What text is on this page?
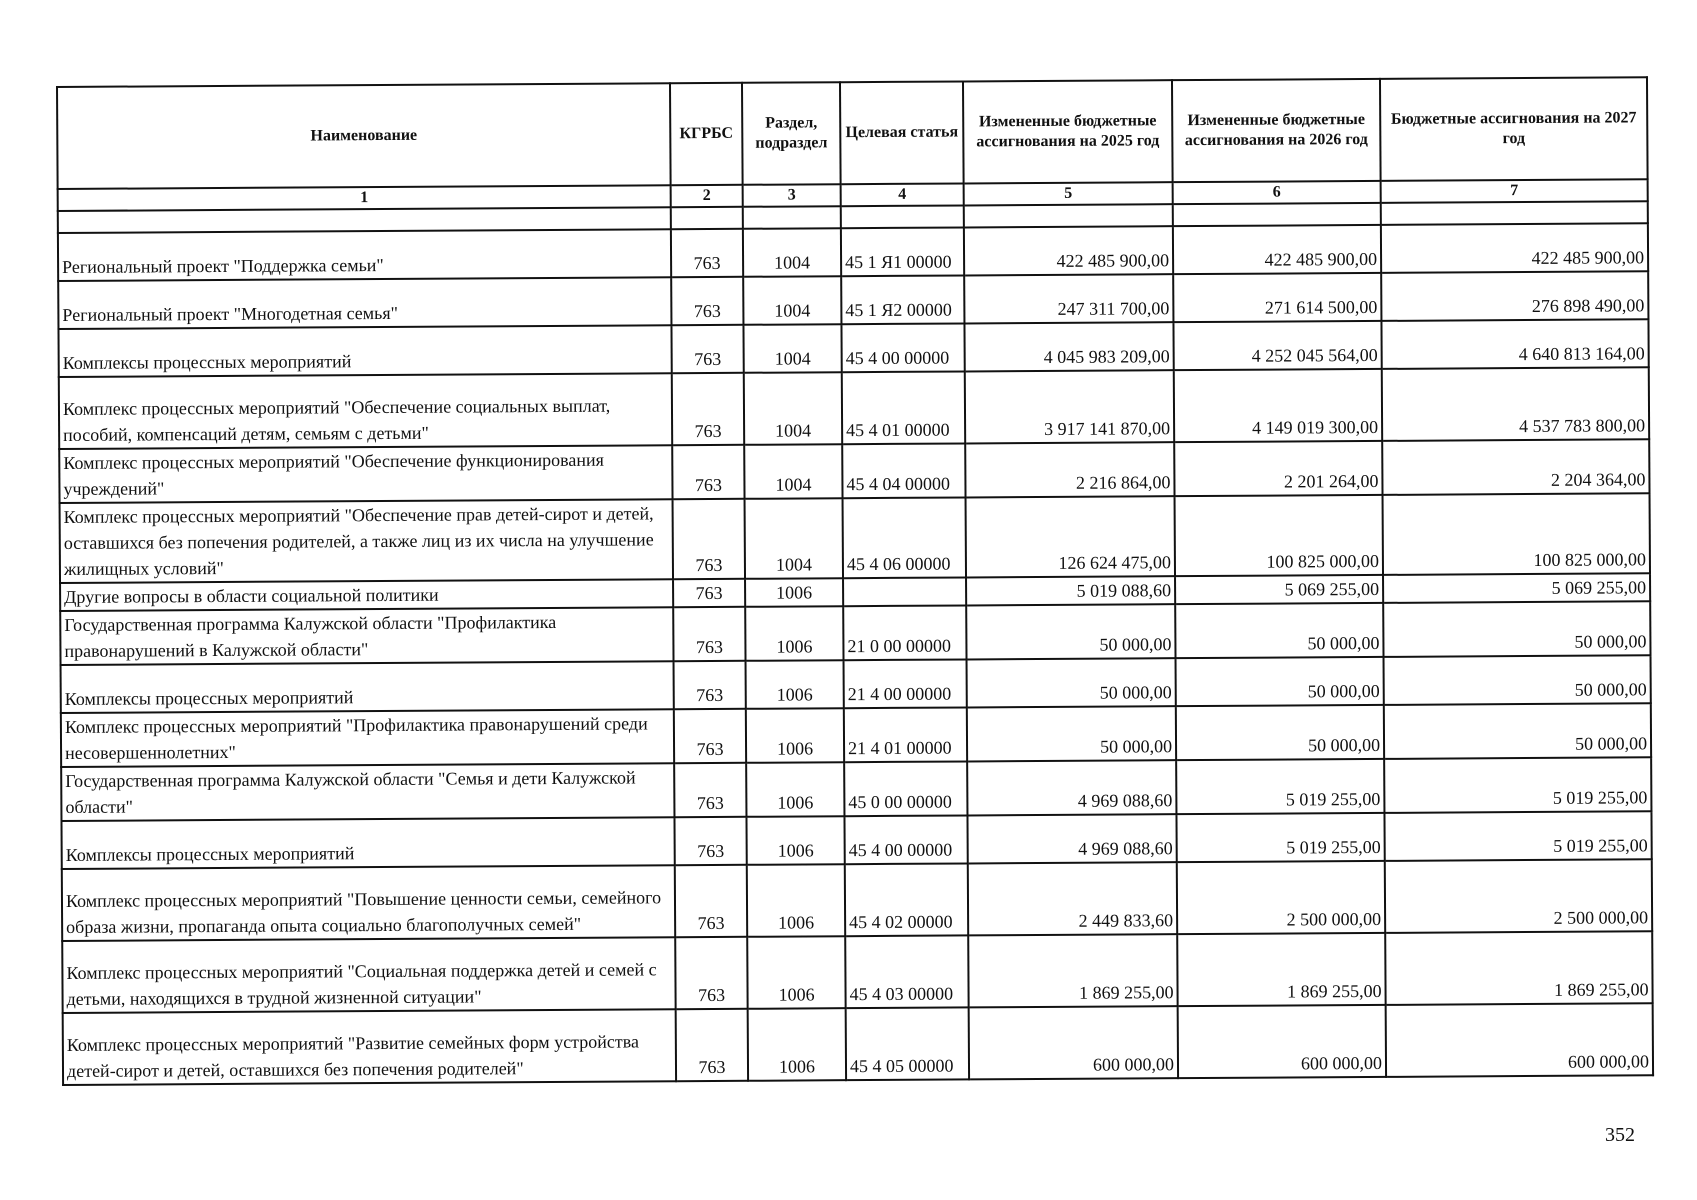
Наименование	КГРБС	Раздел, подраздел	Целевая статья	Измененные бюджетные ассигнования на 2025 год	Измененные бюджетные ассигнования на 2026 год	Бюджетные ассигнования на 2027 год
1	2	3	4	5	6	7

Региональный проект "Поддержка семьи"	763	1004	45 1 Я1 00000	422 485 900,00	422 485 900,00	422 485 900,00
Региональный проект "Многодетная семья"	763	1004	45 1 Я2 00000	247 311 700,00	271 614 500,00	276 898 490,00
Комплексы процессных мероприятий	763	1004	45 4 00 00000	4 045 983 209,00	4 252 045 564,00	4 640 813 164,00
Комплекс процессных мероприятий "Обеспечение социальных выплат, пособий, компенсаций детям, семьям с детьми"	763	1004	45 4 01 00000	3 917 141 870,00	4 149 019 300,00	4 537 783 800,00
Комплекс процессных мероприятий "Обеспечение функционирования учреждений"	763	1004	45 4 04 00000	2 216 864,00	2 201 264,00	2 204 364,00
Комплекс процессных мероприятий "Обеспечение прав детей-сирот и детей, оставшихся без попечения родителей, а также лиц из их числа на улучшение жилищных условий"	763	1004	45 4 06 00000	126 624 475,00	100 825 000,00	100 825 000,00
Другие вопросы в области социальной политики	763	1006		5 019 088,60	5 069 255,00	5 069 255,00
Государственная программа Калужской области "Профилактика правонарушений в Калужской области"	763	1006	21 0 00 00000	50 000,00	50 000,00	50 000,00
Комплексы процессных мероприятий	763	1006	21 4 00 00000	50 000,00	50 000,00	50 000,00
Комплекс процессных мероприятий "Профилактика правонарушений среди несовершеннолетних"	763	1006	21 4 01 00000	50 000,00	50 000,00	50 000,00
Государственная программа Калужской области "Семья и дети Калужской области"	763	1006	45 0 00 00000	4 969 088,60	5 019 255,00	5 019 255,00
Комплексы процессных мероприятий	763	1006	45 4 00 00000	4 969 088,60	5 019 255,00	5 019 255,00
Комплекс процессных мероприятий "Повышение ценности семьи, семейного образа жизни, пропаганда опыта социально благополучных семей"	763	1006	45 4 02 00000	2 449 833,60	2 500 000,00	2 500 000,00
Комплекс процессных мероприятий "Социальная поддержка детей и семей с детьми, находящихся в трудной жизненной ситуации"	763	1006	45 4 03 00000	1 869 255,00	1 869 255,00	1 869 255,00
Комплекс процессных мероприятий "Развитие семейных форм устройства детей-сирот и детей, оставшихся без попечения родителей"	763	1006	45 4 05 00000	600 000,00	600 000,00	600 000,00
352
